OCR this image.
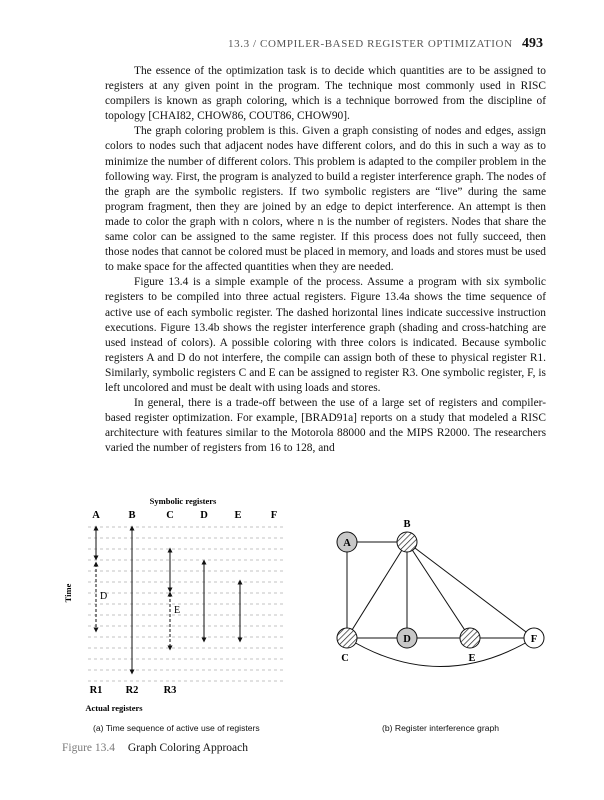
13.3 / COMPILER-BASED REGISTER OPTIMIZATION 493

The essence of the optimization task is to decide which quantities are to be assigned to registers at any given point in the program. The technique most commonly used in RISC compilers is known as graph coloring, which is a technique borrowed from the discipline of topology [CHAI82, CHOW86, COUT86, CHOW90].

The graph coloring problem is this. Given a graph consisting of nodes and edges, assign colors to nodes such that adjacent nodes have different colors, and do this in such a way as to minimize the number of different colors. This problem is adapted to the compiler problem in the following way. First, the program is analyzed to build a register interference graph. The nodes of the graph are the symbolic registers. If two symbolic registers are “live” during the same program fragment, then they are joined by an edge to depict interference. An attempt is then made to color the graph with n colors, where n is the number of registers. Nodes that share the same color can be assigned to the same register. If this process does not fully succeed, then those nodes that cannot be colored must be placed in memory, and loads and stores must be used to make space for the affected quantities when they are needed.

Figure 13.4 is a simple example of the process. Assume a program with six symbolic registers to be compiled into three actual registers. Figure 13.4a shows the time sequence of active use of each symbolic register. The dashed horizontal lines indicate successive instruction executions. Figure 13.4b shows the register interference graph (shading and cross-hatching are used instead of colors). A possible coloring with three colors is indicated. Because symbolic registers A and D do not interfere, the compile can assign both of these to physical register R1. Similarly, symbolic registers C and E can be assigned to register R3. One symbolic register, F, is left uncolored and must be dealt with using loads and stores.

In general, there is a trade-off between the use of a large set of registers and compiler-based register optimization. For example, [BRAD91a] reports on a study that modeled a RISC architecture with features similar to the Motorola 88000 and the MIPS R2000. The researchers varied the number of registers from 16 to 128, and

Symbolic registers
A	B	C	D	E	F
Time	D
E
R1 R2 R3
Actual registers
A
B
C
D
E
F
(a) Time sequence of active use of registers	(b) Register interference graph
Figure 13.4 Graph Coloring Approach
